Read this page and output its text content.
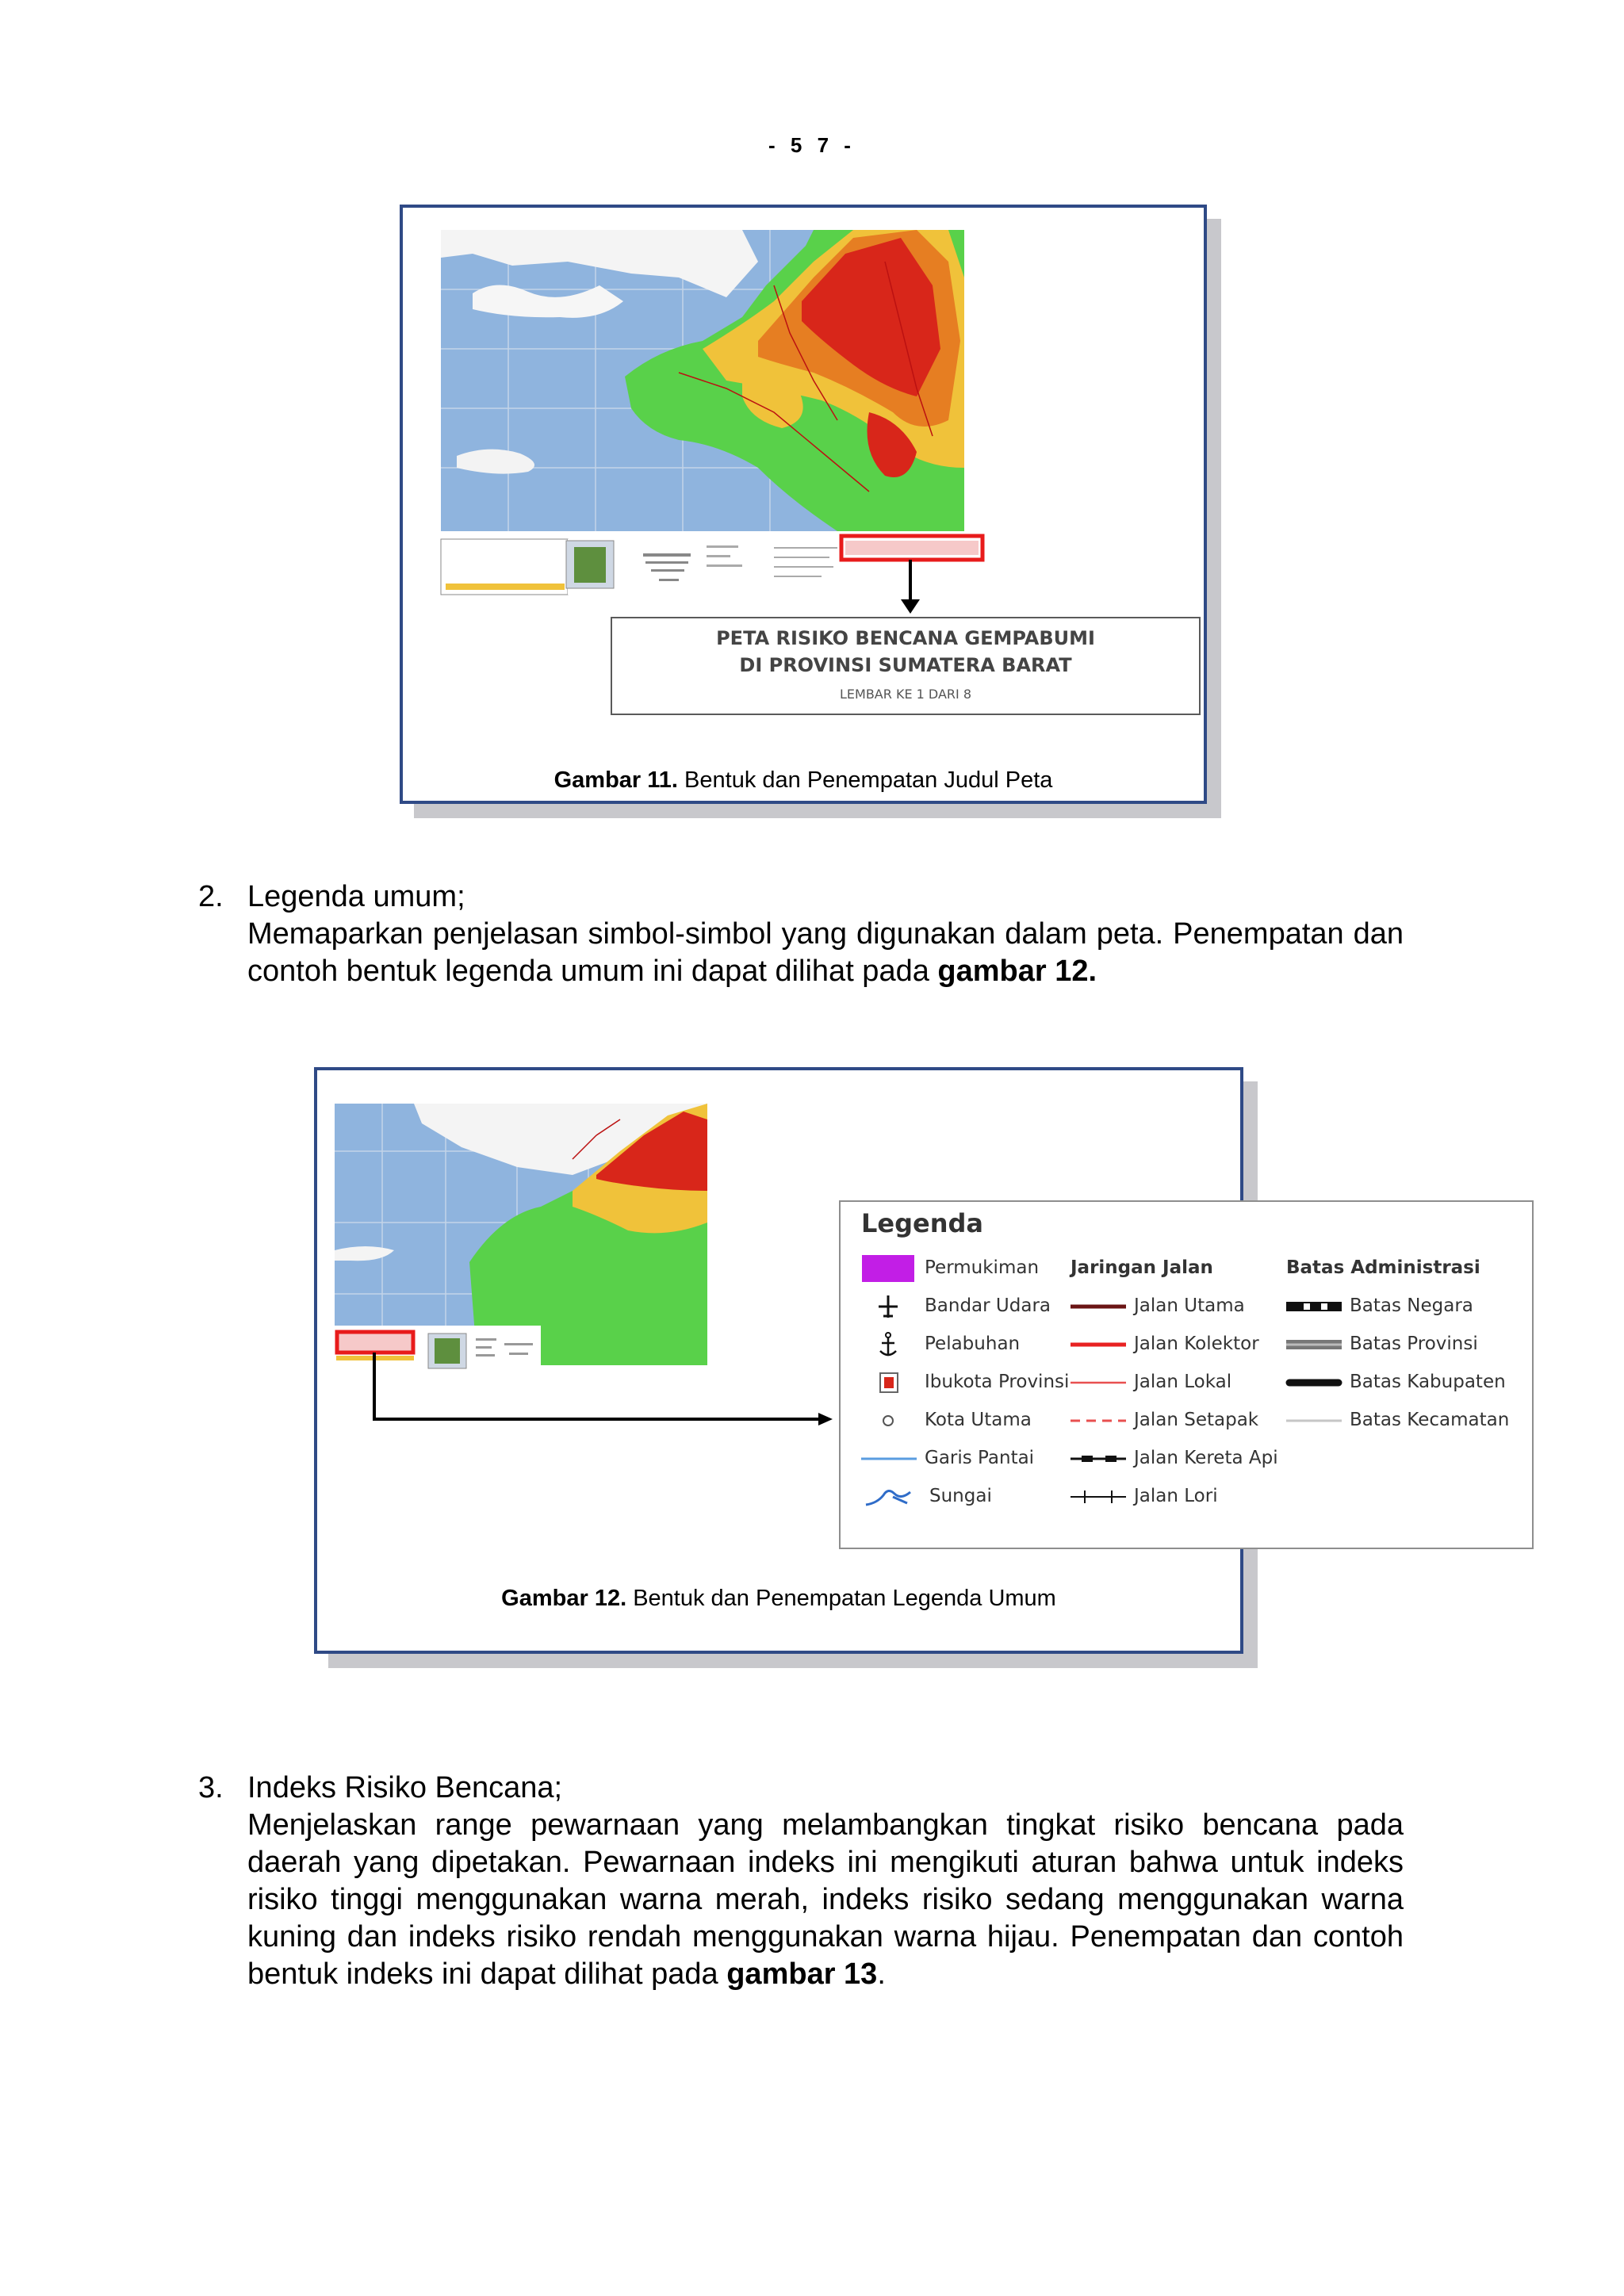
- 5 7 -
PETA RISIKO BENCANA GEMPABUMI
DI PROVINSI SUMATERA BARAT
LEMBAR KE 1 DARI 8
Gambar 11. Bentuk dan Penempatan Judul Peta
2. Legenda umum;
Memaparkan penjelasan simbol-simbol yang digunakan dalam peta. Penempatan dan contoh bentuk legenda umum ini dapat dilihat pada gambar 12.
Legenda
Permukiman
Bandar Udara
Pelabuhan
Ibukota Provinsi
Kota Utama
Garis Pantai
Sungai
Jaringan Jalan
Jalan Utama
Jalan Kolektor
Jalan Lokal
Jalan Setapak
Jalan Kereta Api
Jalan Lori
Batas Administrasi
Batas Negara
Batas Provinsi
Batas Kabupaten
Batas Kecamatan
Gambar 12. Bentuk dan Penempatan Legenda Umum
3. Indeks Risiko Bencana;
Menjelaskan range pewarnaan yang melambangkan tingkat risiko bencana pada daerah yang dipetakan. Pewarnaan indeks ini mengikuti aturan bahwa untuk indeks risiko tinggi menggunakan warna merah, indeks risiko sedang menggunakan warna kuning dan indeks risiko rendah menggunakan warna hijau. Penempatan dan contoh bentuk indeks ini dapat dilihat pada gambar 13.
